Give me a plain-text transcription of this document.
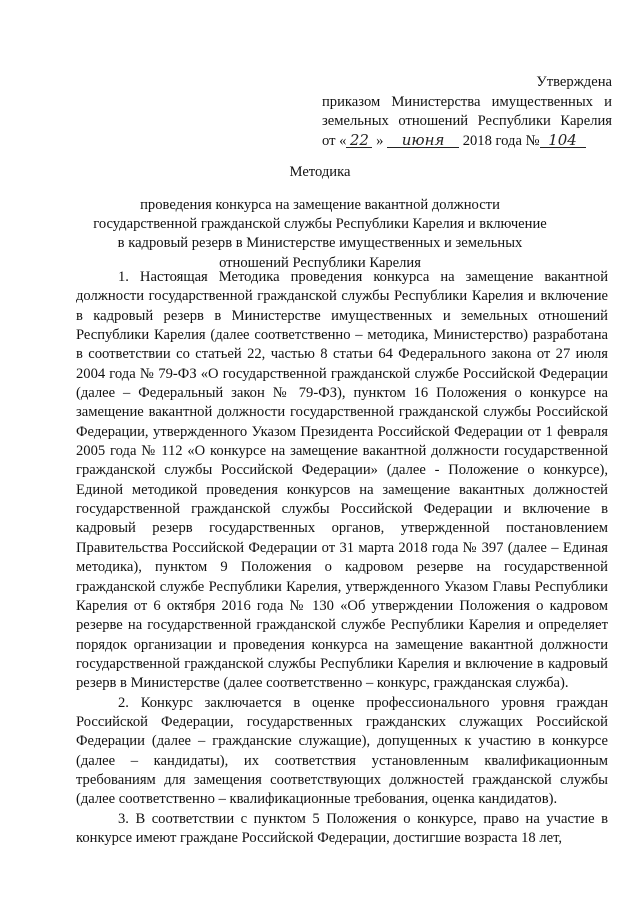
Утверждена
приказом Министерства имущественных и
земельных отношений Республики Карелия
от « 22 » июня 2018 года № 104
Методика
проведения конкурса на замещение вакантной должности
государственной гражданской службы Республики Карелия и включение
в кадровый резерв в Министерстве имущественных и земельных
отношений Республики Карелия

1. Настоящая Методика проведения конкурса на замещение вакантной должности государственной гражданской службы Республики Карелия и включение в кадровый резерв в Министерстве имущественных и земельных отношений Республики Карелия (далее соответственно – методика, Министерство) разработана в соответствии со статьей 22, частью 8 статьи 64 Федерального закона от 27 июля 2004 года № 79-ФЗ «О государственной гражданской службе Российской Федерации (далее – Федеральный закон № 79-ФЗ), пунктом 16 Положения о конкурсе на замещение вакантной должности государственной гражданской службы Российской Федерации, утвержденного Указом Президента Российской Федерации от 1 февраля 2005 года № 112 «О конкурсе на замещение вакантной должности государственной гражданской службы Российской Федерации» (далее - Положение о конкурсе), Единой методикой проведения конкурсов на замещение вакантных должностей государственной гражданской службы Российской Федерации и включение в кадровый резерв государственных органов, утвержденной постановлением Правительства Российской Федерации от 31 марта 2018 года № 397 (далее – Единая методика), пунктом 9 Положения о кадровом резерве на государственной гражданской службе Республики Карелия, утвержденного Указом Главы Республики Карелия от 6 октября 2016 года № 130 «Об утверждении Положения о кадровом резерве на государственной гражданской службе Республики Карелия и определяет порядок организации и проведения конкурса на замещение вакантной должности государственной гражданской службы Республики Карелия и включение в кадровый резерв в Министерстве (далее соответственно – конкурс, гражданская служба).

2. Конкурс заключается в оценке профессионального уровня граждан Российской Федерации, государственных гражданских служащих Российской Федерации (далее – гражданские служащие), допущенных к участию в конкурсе (далее – кандидаты), их соответствия установленным квалификационным требованиям для замещения соответствующих должностей гражданской службы (далее соответственно – квалификационные требования, оценка кандидатов).

3. В соответствии с пунктом 5 Положения о конкурсе, право на участие в конкурсе имеют граждане Российской Федерации, достигшие возраста 18 лет,
